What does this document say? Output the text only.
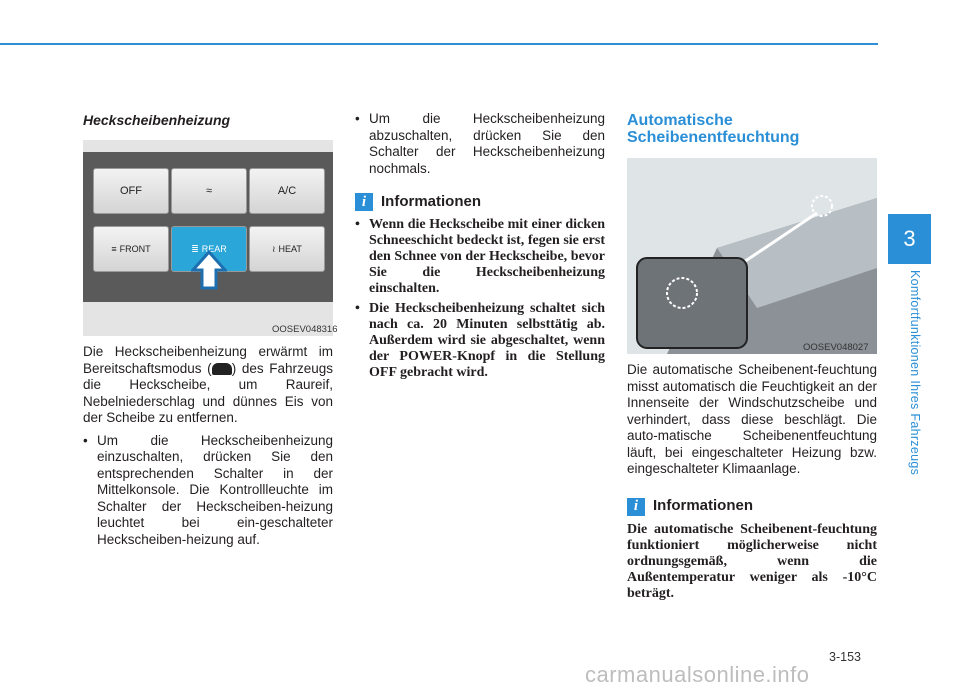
3
Komfortfunktionen Ihres Fahrzeugs

Heckscheibenheizung

OFF	≈	A/C
≡ FRONT	≣ REAR	≀ HEAT
OOSEV048316

Die Heckscheibenheizung erwärmt im Bereitschaftsmodus ( ) des Fahrzeugs die Heckscheibe, um Raureif, Nebelniederschlag und dünnes Eis von der Scheibe zu entfernen.

• Um die Heckscheibenheizung einzuschalten, drücken Sie den entsprechenden Schalter in der Mittelkonsole. Die Kontrollleuchte im Schalter der Heckscheiben-heizung leuchtet bei ein-geschalteter Heckscheiben-heizung auf.

• Um die Heckscheibenheizung abzuschalten, drücken Sie den Schalter der Heckscheibenheizung nochmals.

i Informationen

• Wenn die Heckscheibe mit einer dicken Schneeschicht bedeckt ist, fegen sie erst den Schnee von der Heckscheibe, bevor Sie die Heckscheibenheizung einschalten.

• Die Heckscheibenheizung schaltet sich nach ca. 20 Minuten selbsttätig ab. Außerdem wird sie abgeschaltet, wenn der POWER-Knopf in die Stellung OFF gebracht wird.

Automatische

Scheibenentfeuchtung

OOSEV048027

Die automatische Scheibenent-feuchtung misst automatisch die Feuchtigkeit an der Innenseite der Windschutzscheibe und verhindert, dass diese beschlägt. Die auto-matische Scheibenentfeuchtung läuft, bei eingeschalteter Heizung bzw. eingeschalteter Klimaanlage.

i Informationen

Die automatische Scheibenent-feuchtung funktioniert möglicherweise nicht ordnungsgemäß, wenn die Außentemperatur weniger als -10°C beträgt.

3-153
carmanualsonline.info
